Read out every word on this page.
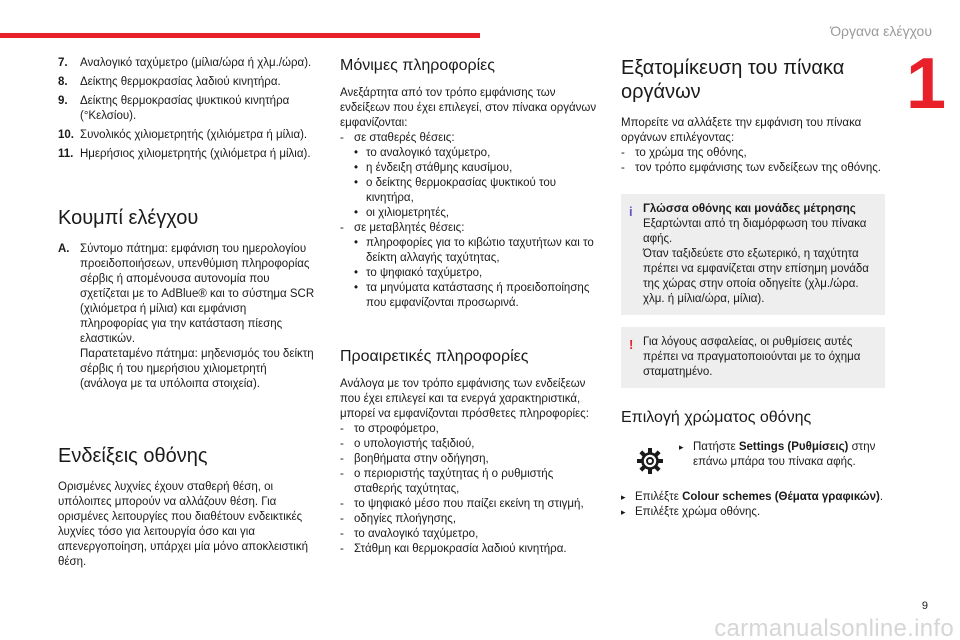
Όργανα ελέγχου
1
7.	Αναλογικό ταχύμετρο (μίλια/ώρα ή χλμ./ώρα).
8.	Δείκτης θερμοκρασίας λαδιού κινητήρα.
9.	Δείκτης θερμοκρασίας ψυκτικού κινητήρα (°Κελσίου).
10. Συνολικός χιλιομετρητής (χιλιόμετρα ή μίλια).
11. Ημερήσιος χιλιομετρητής (χιλιόμετρα ή μίλια).
Κουμπί ελέγχου
A. Σύντομο πάτημα: εμφάνιση του ημερολογίου προειδοποιήσεων, υπενθύμιση πληροφορίας σέρβις ή απομένουσα αυτονομία που σχετίζεται με το AdBlue® και το σύστημα SCR (χιλιόμετρα ή μίλια) και εμφάνιση πληροφορίας για την κατάσταση πίεσης ελαστικών.

Παρατεταμένο πάτημα: μηδενισμός του δείκτη σέρβις ή του ημερήσιου χιλιομετρητή (ανάλογα με τα υπόλοιπα στοιχεία).

Ενδείξεις οθόνης

Ορισμένες λυχνίες έχουν σταθερή θέση, οι υπόλοιπες μπορούν να αλλάζουν θέση. Για ορισμένες λειτουργίες που διαθέτουν ενδεικτικές λυχνίες τόσο για λειτουργία όσο και για απενεργοποίηση, υπάρχει μία μόνο αποκλειστική θέση.

Μόνιμες πληροφορίες

Ανεξάρτητα από τον τρόπο εμφάνισης των ενδείξεων που έχει επιλεγεί, στον πίνακα οργάνων εμφανίζονται:

- σε σταθερές θέσεις:
• το αναλογικό ταχύμετρο,
• η ένδειξη στάθμης καυσίμου,
• ο δείκτης θερμοκρασίας ψυκτικού του κινητήρα,
• οι χιλιομετρητές,
- σε μεταβλητές θέσεις:
• πληροφορίες για το κιβώτιο ταχυτήτων και το δείκτη αλλαγής ταχύτητας,
• το ψηφιακό ταχύμετρο,
• τα μηνύματα κατάστασης ή προειδοποίησης που εμφανίζονται προσωρινά.
Προαιρετικές πληροφορίες

Ανάλογα με τον τρόπο εμφάνισης των ενδείξεων που έχει επιλεγεί και τα ενεργά χαρακτηριστικά, μπορεί να εμφανίζονται πρόσθετες πληροφορίες:

- το στροφόμετρο,
- ο υπολογιστής ταξιδιού,
- βοηθήματα στην οδήγηση,
- ο περιοριστής ταχύτητας ή ο ρυθμιστής σταθερής ταχύτητας,
- το ψηφιακό μέσο που παίζει εκείνη τη στιγμή,
- οδηγίες πλοήγησης,
- το αναλογικό ταχύμετρο,
- Στάθμη και θερμοκρασία λαδιού κινητήρα.
Εξατομίκευση του πίνακα οργάνων

Μπορείτε να αλλάξετε την εμφάνιση του πίνακα οργάνων επιλέγοντας:

- το χρώμα της οθόνης,
- τον τρόπο εμφάνισης των ενδείξεων της οθόνης.
i Γλώσσα οθόνης και μονάδες μέτρησης

Εξαρτώνται από τη διαμόρφωση του πίνακα αφής.

Όταν ταξιδεύετε στο εξωτερικό, η ταχύτητα πρέπει να εμφανίζεται στην επίσημη μονάδα της χώρας στην οποία οδηγείτε (χλμ./ώρα. χλμ. ή μίλια/ώρα, μίλια).

! Για λόγους ασφαλείας, οι ρυθμίσεις αυτές πρέπει να πραγματοποιούνται με το όχημα σταματημένο.

Επιλογή χρώματος οθόνης
▸ Πατήστε Settings (Ρυθμίσεις) στην επάνω μπάρα του πίνακα αφής.
▸ Επιλέξτε Colour schemes (Θέματα γραφικών).
▸ Επιλέξτε χρώμα οθόνης.
9
carmanualsonline.info
